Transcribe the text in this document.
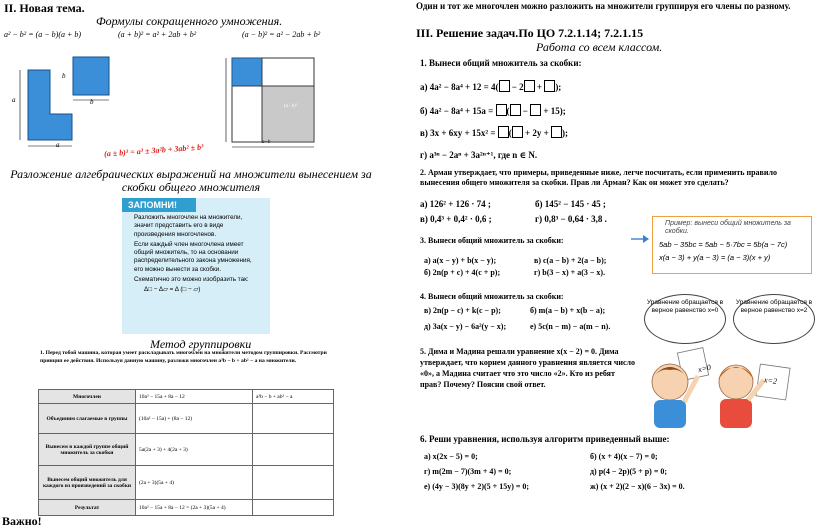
II. Новая тема.
Формулы сокращенного умножения.
a² − b² = (a − b)(a + b)	(a + b)² = a² + 2ab + b²	(a − b)² = a² − 2ab + b²
a
a
b
b
a−b
(a−b)²
(a ± b)³ = a³ ± 3a²b + 3ab² ± b³
Разложение алгебраических выражений на множители вынесением за скобки общего множителя
ЗАПОМНИ!
Разложить многочлен на множители, значит представить его в виде произведения многочленов.
Если каждый член многочлена имеет общий множитель, то на основании распределительного закона умножения, его можно вынести за скобки.
Схематично это можно изобразить так:
Δ□ − Δ▱ = Δ (□ − ▱)
Метод группировки
1. Перед тобой машина, которая умеет раскладывать многочлен на множители методом группировки. Рассмотри принцип ее действия. Используя данную машину, разложи многочлен a³b − b + ab² − a на множители.
Многочлен	10a² − 15a + 8a − 12	a³b − b + ab² − a
Объединим слагаемые в группы	(10a² − 15a) + (8a − 12)	
Вынесем в каждой группе общий множитель за скобки	5a(2a + 3) + 4(2a + 3)	
Вынесем общий множитель для каждого из произведений за скобки	(2a + 3)(5a + 4)	
Результат	10a² − 15a + 8a − 12 = (2a + 3)(5a + 4)	
Важно!
Один и тот же многочлен можно разложить на множители группируя его члены по разному.
III. Решение задач.По ЦО 7.2.1.14; 7.2.1.15
Работа со всем классом.
1. Вынеси общий множитель за скобки:
а) 4a² − 8a⁴ + 12 = 4( − 2 + );
б) 4a² − 8a⁴ + 15a = ( −  + 15);
в) 3x + 6xy + 15x² = ( + 2y + );
г) a³ⁿ − 2aⁿ + 3a²ⁿ⁺¹, где n ∈ N.
2. Арман утверждает, что примеры, приведенные ниже, легче посчитать, если применить правило вынесения общего множителя за скобки. Прав ли Арман? Как он может это сделать?
а) 126² + 126 · 74 ;	б) 145² − 145 · 45 ;
в) 0,4³ + 0,4² · 0,6 ;	г) 0,8³ − 0,64 · 3,8 .
3. Вынеси общий множитель за скобки:
а) a(x − y) + b(x − y);	в) c(a − b) + 2(a − b);
б) 2n(p + c) + 4(c + p);	г) b(3 − x) + a(3 − x).
Пример: вынеси общий множитель за скобки.
5ab − 35bc = 5ab − 5·7bc = 5b(a − 7c)
x(a − 3) + y(a − 3) = (a − 3)(x + y)
4. Вынеси общий множитель за скобки:
в) 2n(p − c) + k(c − p);	б) m(a − b) + x(b − a);
д) 3a(x − y) − 6a²(y − x);	е) 5c(n − m) − a(m − n).
5. Дима и Мадина решали уравнение x(x − 2) = 0. Дима утверждает, что корнем данного уравнения является число «0», а Мадина считает что это число «2». Кто из ребят прав? Почему? Поясни свой ответ.
Уравнение обращается в верное равенство x=0
Уравнение обращается в верное равенство x=2
x=0
x=2
6. Реши уравнения, используя алгоритм приведенный выше:
а) x(2x − 5) = 0;	б) (x + 4)(x − 7) = 0;
г) m(2m − 7)(3m + 4) = 0;	д) p(4 − 2p)(5 + p) = 0;
е) (4y − 3)(8y + 2)(5 + 15y) = 0;	ж) (x + 2)(2 − x)(6 − 3x) = 0.
